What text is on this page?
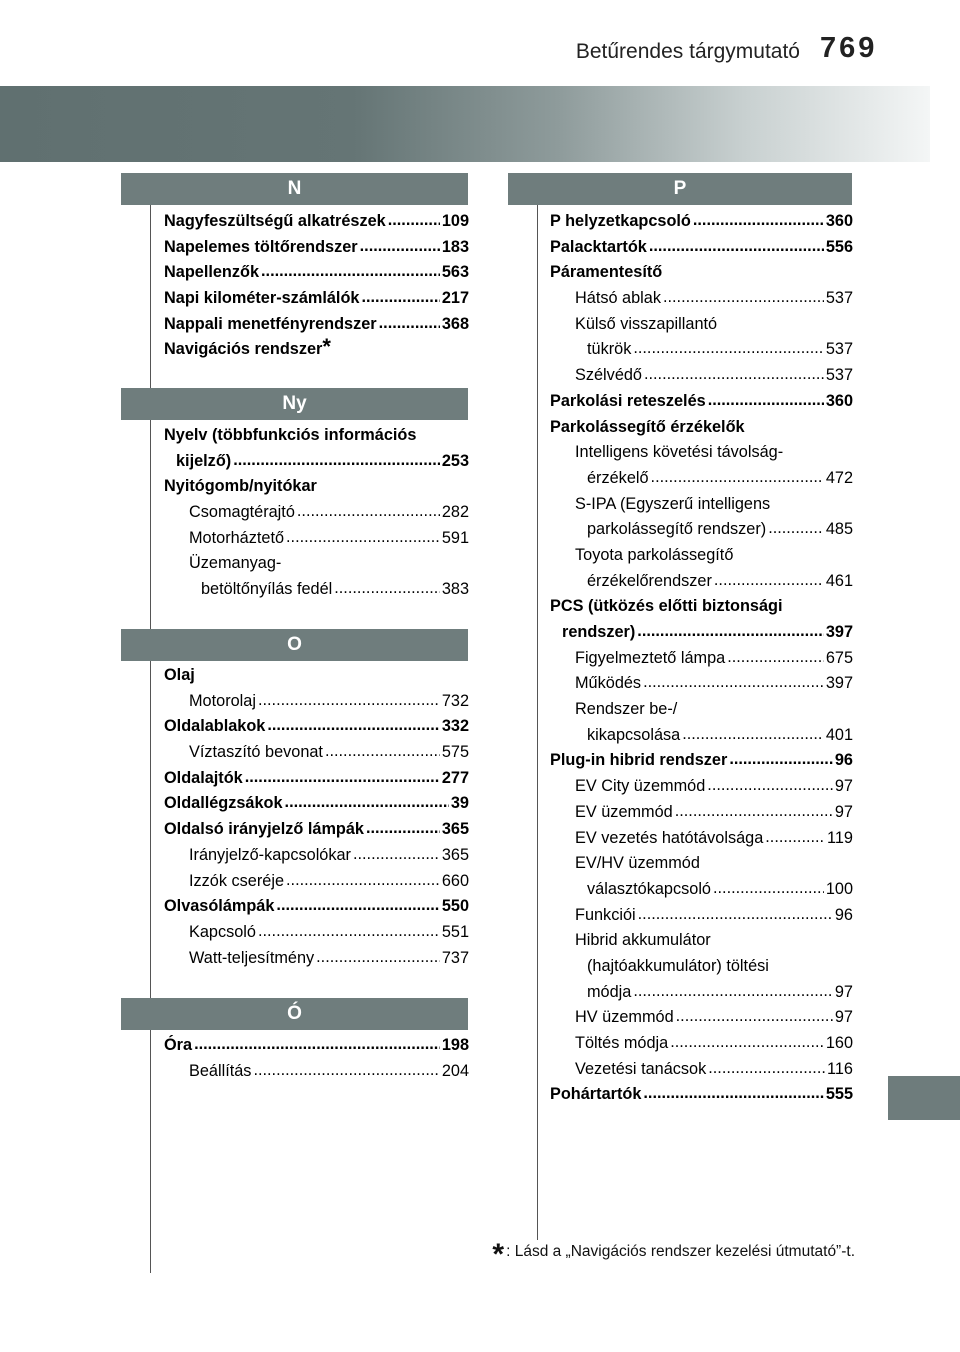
Betűrendes tárgymutató 769
N
Nagyfeszültségű alkatrészek .....	109
Napelemes töltőrendszer .....	183
Napellenzők .....	563
Napi kilométer-számlálók .....	217
Nappali menetfényrendszer .....	368
Navigációs rendszer *
Ny
Nyelv (többfunkciós információs
kijelző) .....	253
Nyitógomb/nyitókar
Csomagtérajtó .....	282
Motorháztető .....	591
Üzemanyag-
betöltőnyílás fedél .....	383
O
Olaj
Motorolaj .....	732
Oldalablakok .....	332
Víztaszító bevonat .....	575
Oldalajtók .....	277
Oldallégzsákok .....	39
Oldalsó irányjelző lámpák .....	365
Irányjelző-kapcsolókar .....	365
Izzók cseréje .....	660
Olvasólámpák .....	550
Kapcsoló .....	551
Watt-teljesítmény .....	737
Ó
Óra .....	198
Beállítás .....	204
P
P helyzetkapcsoló .....	360
Palacktartók .....	556
Páramentesítő
Hátsó ablak .....	537
Külső visszapillantó
tükrök .....	537
Szélvédő .....	537
Parkolási reteszelés .....	360
Parkolássegítő érzékelők
Intelligens követési távolság-
érzékelő .....	472
S-IPA (Egyszerű intelligens
parkolássegítő rendszer) .....	485
Toyota parkolássegítő
érzékelőrendszer .....	461
PCS (ütközés előtti biztonsági
rendszer) .....	397
Figyelmeztető lámpa .....	675
Működés .....	397
Rendszer be-/
kikapcsolása .....	401
Plug-in hibrid rendszer .....	96
EV City üzemmód .....	97
EV üzemmód .....	97
EV vezetés hatótávolsága .....	119
EV/HV üzemmód
választókapcsoló .....	100
Funkciói .....	96
Hibrid akkumulátor
(hajtóakkumulátor) töltési
módja .....	97
HV üzemmód .....	97
Töltés módja .....	160
Vezetési tanácsok .....	116
Pohártartók .....	555
* : Lásd a „Navigációs rendszer kezelési útmutató”-t.
